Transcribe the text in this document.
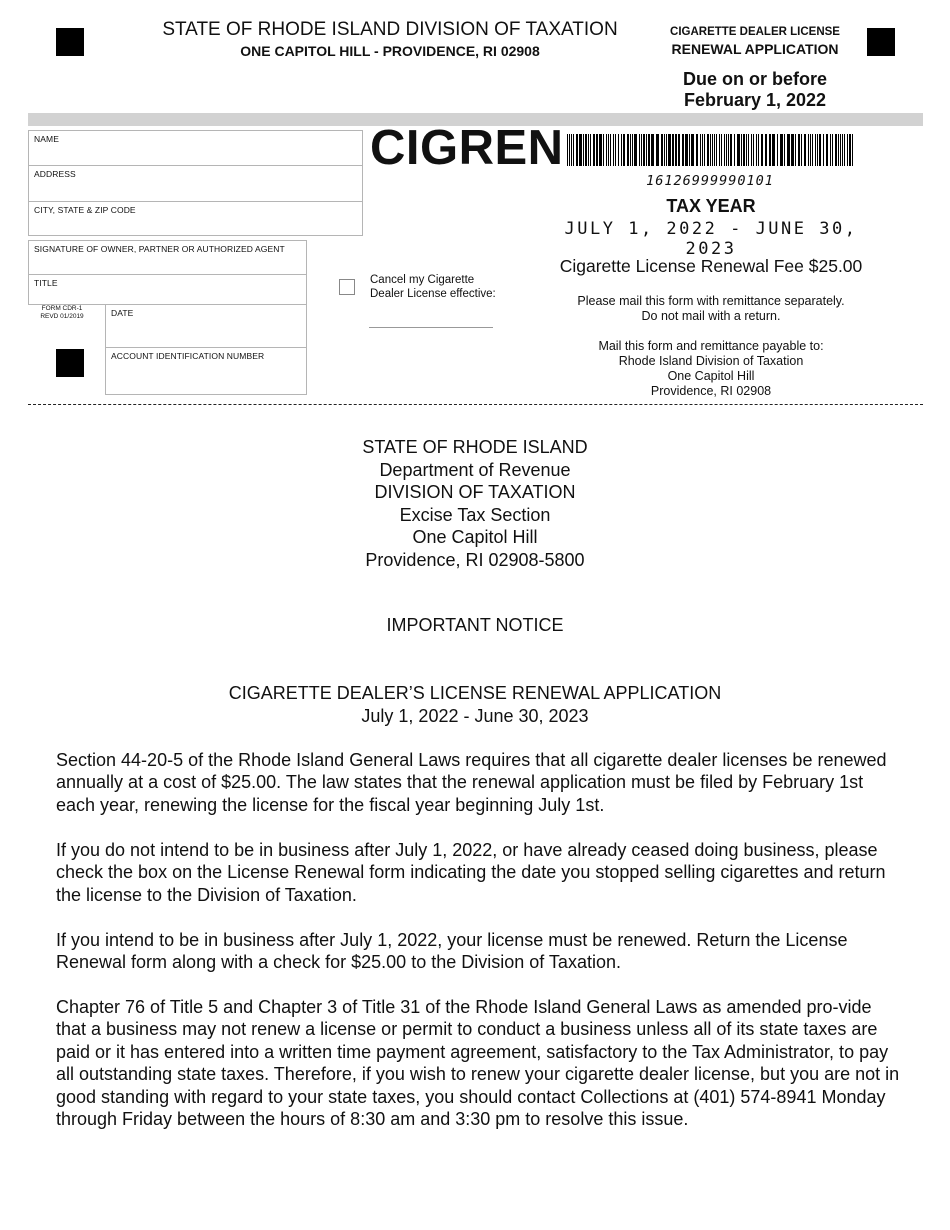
STATE OF RHODE ISLAND DIVISION OF TAXATION
ONE CAPITOL HILL - PROVIDENCE, RI 02908
CIGARETTE DEALER LICENSE
RENEWAL APPLICATION
Due on or before
February 1, 2022
NAME
ADDRESS
CITY, STATE & ZIP CODE
SIGNATURE OF OWNER, PARTNER OR AUTHORIZED AGENT
TITLE
DATE
ACCOUNT IDENTIFICATION NUMBER
FORM CDR-1
REVD 01/2019
Cancel my Cigarette
Dealer License effective:
CIGREN
16126999990101
TAX YEAR
JULY 1, 2022 - JUNE 30, 2023
Cigarette License Renewal Fee $25.00
Please mail this form with remittance separately.
Do not mail with a return.
Mail this form and remittance payable to:
Rhode Island Division of Taxation
One Capitol Hill
Providence, RI 02908
STATE OF RHODE ISLAND
Department of Revenue
DIVISION OF TAXATION
Excise Tax Section
One Capitol Hill
Providence, RI 02908-5800
IMPORTANT NOTICE
CIGARETTE DEALER’S LICENSE RENEWAL APPLICATION
July 1, 2022 - June 30, 2023

Section 44-20-5 of the Rhode Island General Laws requires that all cigarette dealer licenses be renewed annually at a cost of $25.00. The law states that the renewal application must be filed by February 1st each year, renewing the license for the fiscal year beginning July 1st.

If you do not intend to be in business after July 1, 2022, or have already ceased doing business, please check the box on the License Renewal form indicating the date you stopped selling cigarettes and return the license to the Division of Taxation.

If you intend to be in business after July 1, 2022, your license must be renewed. Return the License Renewal form along with a check for $25.00 to the Division of Taxation.

Chapter 76 of Title 5 and Chapter 3 of Title 31 of the Rhode Island General Laws as amended pro-vide that a business may not renew a license or permit to conduct a business unless all of its state taxes are paid or it has entered into a written time payment agreement, satisfactory to the Tax Administrator, to pay all outstanding state taxes. Therefore, if you wish to renew your cigarette dealer license, but you are not in good standing with regard to your state taxes, you should contact Collections at (401) 574-8941 Monday through Friday between the hours of 8:30 am and 3:30 pm to resolve this issue.
